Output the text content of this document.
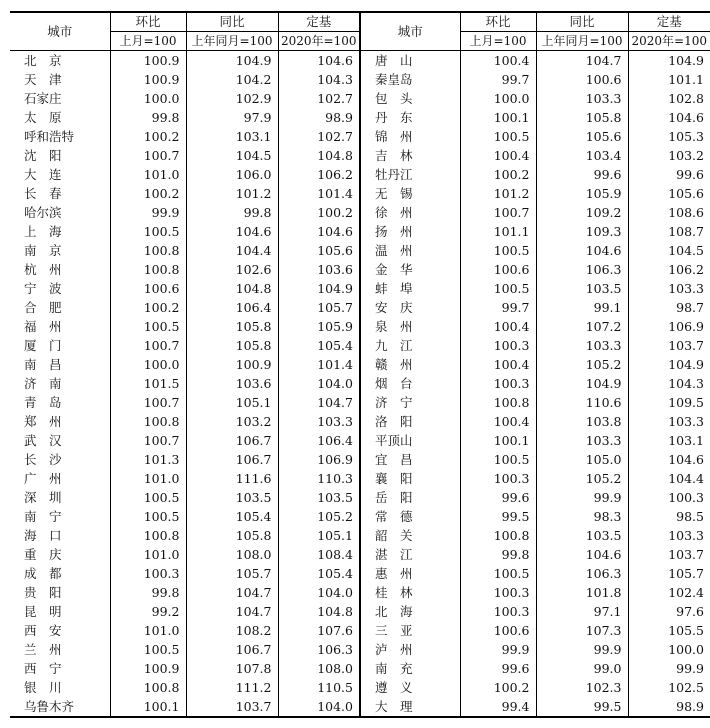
城市	环比	同比	定基	城市	环比	同比	定基
	上月=100	上年同月=100	2020年=100		上月=100	上年同月=100	2020年=100
北　京	100.9	104.9	104.6	唐　山	100.4	104.7	104.9
天　津	100.9	104.2	104.3	秦皇岛	99.7	100.6	101.1
石家庄	100.0	102.9	102.7	包　头	100.0	103.3	102.8
太　原	99.8	97.9	98.9	丹　东	100.1	105.8	104.6
呼和浩特	100.2	103.1	102.7	锦　州	100.5	105.6	105.3
沈　阳	100.7	104.5	104.8	吉　林	100.4	103.4	103.2
大　连	101.0	106.0	106.2	牡丹江	100.2	99.6	99.6
长　春	100.2	101.2	101.4	无　锡	101.2	105.9	105.6
哈尔滨	99.9	99.8	100.2	徐　州	100.7	109.2	108.6
上　海	100.5	104.6	104.6	扬　州	101.1	109.3	108.7
南　京	100.8	104.4	105.6	温　州	100.5	104.6	104.5
杭　州	100.8	102.6	103.6	金　华	100.6	106.3	106.2
宁　波	100.6	104.8	104.9	蚌　埠	100.5	103.5	103.3
合　肥	100.2	106.4	105.7	安　庆	99.7	99.1	98.7
福　州	100.5	105.8	105.9	泉　州	100.4	107.2	106.9
厦　门	100.7	105.8	105.4	九　江	100.3	103.3	103.7
南　昌	100.0	100.9	101.4	赣　州	100.4	105.2	104.9
济　南	101.5	103.6	104.0	烟　台	100.3	104.9	104.3
青　岛	100.7	105.1	104.7	济　宁	100.8	110.6	109.5
郑　州	100.8	103.2	103.3	洛　阳	100.4	103.8	103.3
武　汉	100.7	106.7	106.4	平顶山	100.1	103.3	103.1
长　沙	101.3	106.7	106.9	宜　昌	100.5	105.0	104.6
广　州	101.0	111.6	110.3	襄　阳	100.3	105.2	104.4
深　圳	100.5	103.5	103.5	岳　阳	99.6	99.9	100.3
南　宁	100.5	105.4	105.2	常　德	99.5	98.3	98.5
海　口	100.8	105.8	105.1	韶　关	100.8	103.5	103.3
重　庆	101.0	108.0	108.4	湛　江	99.8	104.6	103.7
成　都	100.3	105.7	105.4	惠　州	100.5	106.3	105.7
贵　阳	99.8	104.7	104.0	桂　林	100.3	101.8	102.4
昆　明	99.2	104.7	104.8	北　海	100.3	97.1	97.6
西　安	101.0	108.2	107.6	三　亚	100.6	107.3	105.5
兰　州	100.5	106.7	106.3	泸　州	99.9	99.9	100.0
西　宁	100.9	107.8	108.0	南　充	99.6	99.0	99.9
银　川	100.8	111.2	110.5	遵　义	100.2	102.3	102.5
乌鲁木齐	100.1	103.7	104.0	大　理	99.4	99.5	98.9
